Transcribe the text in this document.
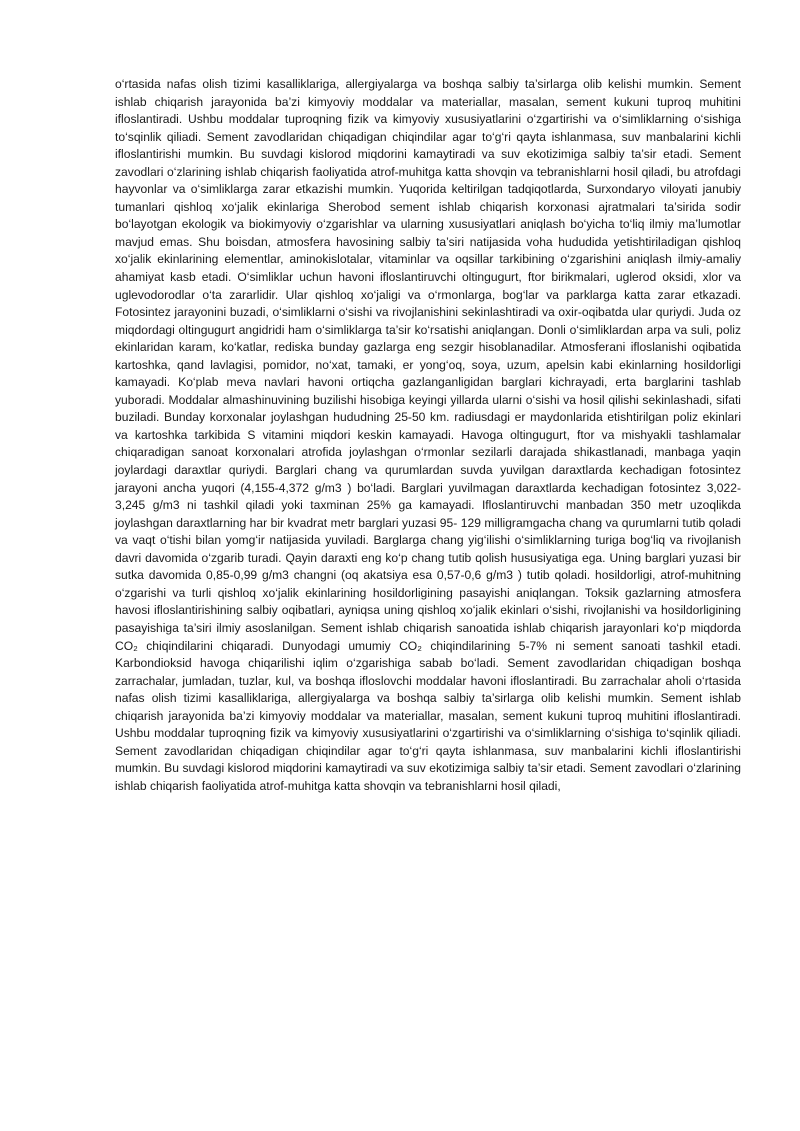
o‘rtasida nafas olish tizimi kasalliklariga, allergiyalarga va boshqa salbiy ta’sirlarga olib kelishi mumkin. Sement ishlab chiqarish jarayonida ba’zi kimyoviy moddalar va materiallar, masalan, sement kukuni tuproq muhitini ifloslantiradi. Ushbu moddalar tuproqning fizik va kimyoviy xususiyatlarini o‘zgartirishi va o‘simliklarning o‘sishiga to‘sqinlik qiliadi. Sement zavodlaridan chiqadigan chiqindilar agar to‘g‘ri qayta ishlanmasa, suv manbalarini kichli ifloslantirishi mumkin. Bu suvdagi kislorod miqdorini kamaytiradi va suv ekotizimiga salbiy ta’sir etadi. Sement zavodlari o‘zlarining ishlab chiqarish faoliyatida atrof-muhitga katta shovqin va tebranishlarni hosil qiladi, bu atrofdagi hayvonlar va o‘simliklarga zarar etkazishi mumkin. Yuqorida keltirilgan tadqiqotlarda, Surxondaryo viloyati janubiy tumanlari qishloq xo‘jalik ekinlariga Sherobod sement ishlab chiqarish korxonasi ajratmalari ta’sirida sodir bo‘layotgan ekologik va biokimyoviy o‘zgarishlar va ularning xususiyatlari aniqlash bo‘yicha to‘liq ilmiy ma’lumotlar mavjud emas. Shu boisdan, atmosfera havosining salbiy ta’siri natijasida voha hududida yetishtiriladigan qishloq xo‘jalik ekinlarining elementlar, aminokislotalar, vitaminlar va oqsillar tarkibining o‘zgarishini aniqlash ilmiy-amaliy ahamiyat kasb etadi. O‘simliklar uchun havoni ifloslantiruvchi oltingugurt, ftor birikmalari, uglerod oksidi, xlor va uglevodorodlar o‘ta zararlidir. Ular qishloq xo‘jaligi va o‘rmonlarga, bog‘lar va parklarga katta zarar etkazadi. Fotosintez jarayonini buzadi, o‘simliklarni o‘sishi va rivojlanishini sekinlashtiradi va oxir-oqibatda ular quriydi. Juda oz miqdordagi oltingugurt angidridi ham o‘simliklarga ta’sir ko‘rsatishi aniqlangan. Donli o‘simliklardan arpa va suli, poliz ekinlaridan karam, ko‘katlar, rediska bunday gazlarga eng sezgir hisoblanadilar. Atmosferani ifloslanishi oqibatida kartoshka, qand lavlagisi, pomidor, no‘xat, tamaki, er yong‘oq, soya, uzum, apelsin kabi ekinlarning hosildorligi kamayadi. Ko‘plab meva navlari havoni ortiqcha gazlanganligidan barglari kichrayadi, erta barglarini tashlab yuboradi. Moddalar almashinuvining buzilishi hisobiga keyingi yillarda ularni o‘sishi va hosil qilishi sekinlashadi, sifati buziladi. Bunday korxonalar joylashgan hududning 25-50 km. radiusdagi er maydonlarida etishtirilgan poliz ekinlari va kartoshka tarkibida S vitamini miqdori keskin kamayadi. Havoga oltingugurt, ftor va mishyakli tashlamalar chiqaradigan sanoat korxonalari atrofida joylashgan o‘rmonlar sezilarli darajada shikastlanadi, manbaga yaqin joylardagi daraxtlar quriydi. Barglari chang va qurumlardan suvda yuvilgan daraxtlarda kechadigan fotosintez jarayoni ancha yuqori (4,155-4,372 g/m3 ) bo‘ladi. Barglari yuvilmagan daraxtlarda kechadigan fotosintez 3,022-3,245 g/m3 ni tashkil qiladi yoki taxminan 25% ga kamayadi. Ifloslantiruvchi manbadan 350 metr uzoqlikda joylashgan daraxtlarning har bir kvadrat metr barglari yuzasi 95- 129 milligramgacha chang va qurumlarni tutib qoladi va vaqt o‘tishi bilan yomg‘ir natijasida yuviladi. Barglarga chang yig‘ilishi o‘simliklarning turiga bog‘liq va rivojlanish davri davomida o‘zgarib turadi. Qayin daraxti eng ko‘p chang tutib qolish hususiyatiga ega. Uning barglari yuzasi bir sutka davomida 0,85-0,99 g/m3 changni (oq akatsiya esa 0,57-0,6 g/m3 ) tutib qoladi. hosildorligi, atrof-muhitning o‘zgarishi va turli qishloq xo‘jalik ekinlarining hosildorligining pasayishi aniqlangan. Toksik gazlarning atmosfera havosi ifloslantirishining salbiy oqibatlari, ayniqsa uning qishloq xo‘jalik ekinlari o‘sishi, rivojlanishi va hosildorligining pasayishiga ta’siri ilmiy asoslanilgan. Sement ishlab chiqarish sanoatida ishlab chiqarish jarayonlari ko‘p miqdorda CO₂ chiqindilarini chiqaradi. Dunyodagi umumiy CO₂ chiqindilarining 5-7% ni sement sanoati tashkil etadi. Karbondioksid havoga chiqarilishi iqlim o‘zgarishiga sabab bo‘ladi. Sement zavodlaridan chiqadigan boshqa zarrachalar, jumladan, tuzlar, kul, va boshqa ifloslovchi moddalar havoni ifloslantiradi. Bu zarrachalar aholi o‘rtasida nafas olish tizimi kasalliklariga, allergiyalarga va boshqa salbiy ta’sirlarga olib kelishi mumkin. Sement ishlab chiqarish jarayonida ba’zi kimyoviy moddalar va materiallar, masalan, sement kukuni tuproq muhitini ifloslantiradi. Ushbu moddalar tuproqning fizik va kimyoviy xususiyatlarini o‘zgartirishi va o‘simliklarning o‘sishiga to‘sqinlik qiliadi. Sement zavodlaridan chiqadigan chiqindilar agar to‘g‘ri qayta ishlanmasa, suv manbalarini kichli ifloslantirishi mumkin. Bu suvdagi kislorod miqdorini kamaytiradi va suv ekotizimiga salbiy ta’sir etadi. Sement zavodlari o‘zlarining ishlab chiqarish faoliyatida atrof-muhitga katta shovqin va tebranishlarni hosil qiladi,
